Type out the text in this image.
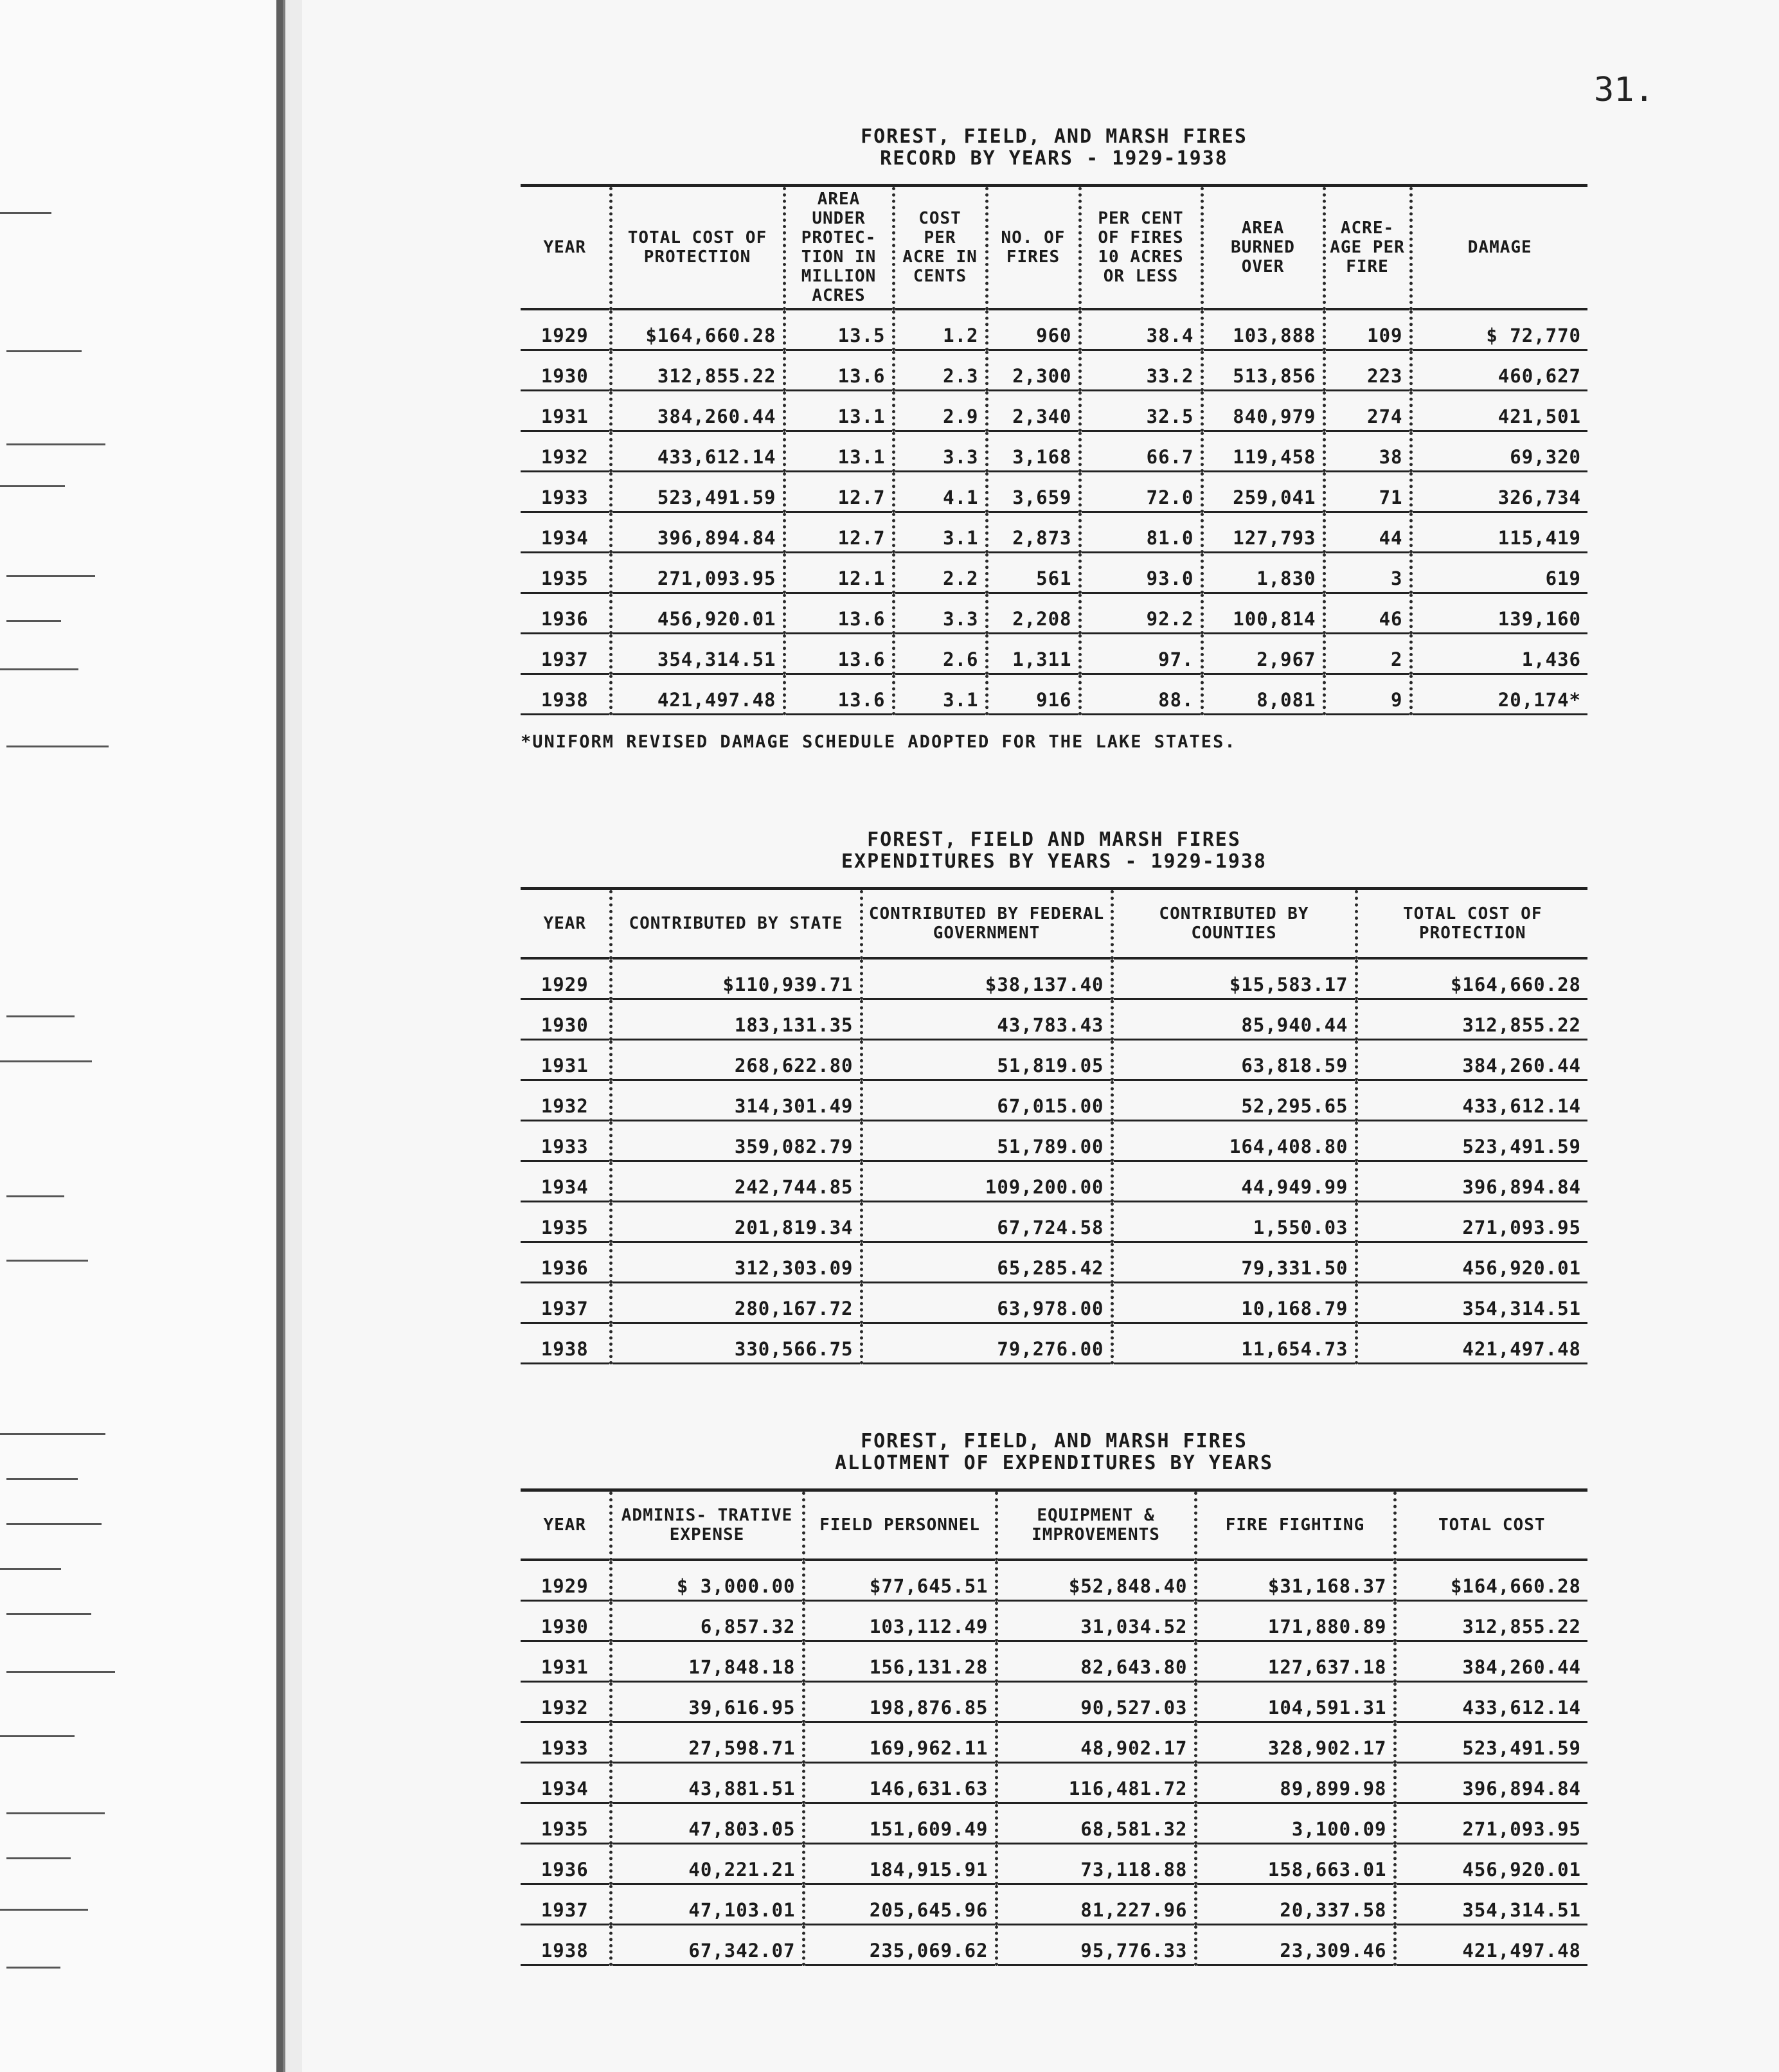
31.
FOREST, FIELD, AND MARSH FIRES
RECORD BY YEARS - 1929-1938
YEAR	TOTAL COST OF PROTECTION	AREA UNDER PROTEC- TION IN MILLION ACRES	COST PER ACRE IN CENTS	NO. OF FIRES	PER CENT OF FIRES 10 ACRES OR LESS	AREA BURNED OVER	ACRE- AGE PER FIRE	DAMAGE
1929	$164,660.28	13.5	1.2	960	38.4	103,888	109	$ 72,770
1930	312,855.22	13.6	2.3	2,300	33.2	513,856	223	460,627
1931	384,260.44	13.1	2.9	2,340	32.5	840,979	274	421,501
1932	433,612.14	13.1	3.3	3,168	66.7	119,458	38	69,320
1933	523,491.59	12.7	4.1	3,659	72.0	259,041	71	326,734
1934	396,894.84	12.7	3.1	2,873	81.0	127,793	44	115,419
1935	271,093.95	12.1	2.2	561	93.0	1,830	3	619
1936	456,920.01	13.6	3.3	2,208	92.2	100,814	46	139,160
1937	354,314.51	13.6	2.6	1,311	97.	2,967	2	1,436
1938	421,497.48	13.6	3.1	916	88.	8,081	9	20,174*
*UNIFORM REVISED DAMAGE SCHEDULE ADOPTED FOR THE LAKE STATES.
FOREST, FIELD AND MARSH FIRES
EXPENDITURES BY YEARS - 1929-1938
YEAR	CONTRIBUTED BY STATE	CONTRIBUTED BY FEDERAL GOVERNMENT	CONTRIBUTED BY COUNTIES	TOTAL COST OF PROTECTION
1929	$110,939.71	$38,137.40	$15,583.17	$164,660.28
1930	183,131.35	43,783.43	85,940.44	312,855.22
1931	268,622.80	51,819.05	63,818.59	384,260.44
1932	314,301.49	67,015.00	52,295.65	433,612.14
1933	359,082.79	51,789.00	164,408.80	523,491.59
1934	242,744.85	109,200.00	44,949.99	396,894.84
1935	201,819.34	67,724.58	1,550.03	271,093.95
1936	312,303.09	65,285.42	79,331.50	456,920.01
1937	280,167.72	63,978.00	10,168.79	354,314.51
1938	330,566.75	79,276.00	11,654.73	421,497.48
FOREST, FIELD, AND MARSH FIRES
ALLOTMENT OF EXPENDITURES BY YEARS
YEAR	ADMINIS- TRATIVE EXPENSE	FIELD PERSONNEL	EQUIPMENT & IMPROVEMENTS	FIRE FIGHTING	TOTAL COST
1929	$ 3,000.00	$77,645.51	$52,848.40	$31,168.37	$164,660.28
1930	6,857.32	103,112.49	31,034.52	171,880.89	312,855.22
1931	17,848.18	156,131.28	82,643.80	127,637.18	384,260.44
1932	39,616.95	198,876.85	90,527.03	104,591.31	433,612.14
1933	27,598.71	169,962.11	48,902.17	328,902.17	523,491.59
1934	43,881.51	146,631.63	116,481.72	89,899.98	396,894.84
1935	47,803.05	151,609.49	68,581.32	3,100.09	271,093.95
1936	40,221.21	184,915.91	73,118.88	158,663.01	456,920.01
1937	47,103.01	205,645.96	81,227.96	20,337.58	354,314.51
1938	67,342.07	235,069.62	95,776.33	23,309.46	421,497.48
